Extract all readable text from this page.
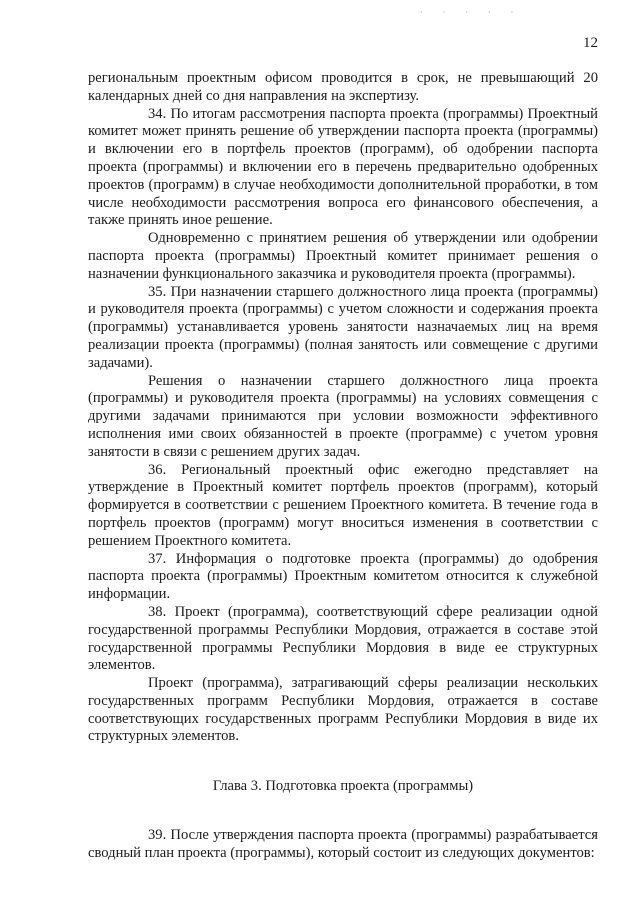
· · · · ·
12

региональным проектным офисом проводится в срок, не превышающий 20 календарных дней со дня направления на экспертизу.

34. По итогам рассмотрения паспорта проекта (программы) Проектный комитет может принять решение об утверждении паспорта проекта (программы) и включении его в портфель проектов (программ), об одобрении паспорта проекта (программы) и включении его в перечень предварительно одобренных проектов (программ) в случае необходимости дополнительной проработки, в том числе необходимости рассмотрения вопроса его финансового обеспечения, а также принять иное решение.

Одновременно с принятием решения об утверждении или одобрении паспорта проекта (программы) Проектный комитет принимает решения о назначении функционального заказчика и руководителя проекта (программы).

35. При назначении старшего должностного лица проекта (программы) и руководителя проекта (программы) с учетом сложности и содержания проекта (программы) устанавливается уровень занятости назначаемых лиц на время реализации проекта (программы) (полная занятость или совмещение с другими задачами).

Решения о назначении старшего должностного лица проекта (программы) и руководителя проекта (программы) на условиях совмещения с другими задачами принимаются при условии возможности эффективного исполнения ими своих обязанностей в проекте (программе) с учетом уровня занятости в связи с решением других задач.

36. Региональный проектный офис ежегодно представляет на утверждение в Проектный комитет портфель проектов (программ), который формируется в соответствии с решением Проектного комитета. В течение года в портфель проектов (программ) могут вноситься изменения в соответствии с решением Проектного комитета.

37. Информация о подготовке проекта (программы) до одобрения паспорта проекта (программы) Проектным комитетом относится к служебной информации.

38. Проект (программа), соответствующий сфере реализации одной государственной программы Республики Мордовия, отражается в составе этой государственной программы Республики Мордовия в виде ее структурных элементов.

Проект (программа), затрагивающий сферы реализации нескольких государственных программ Республики Мордовия, отражается в составе соответствующих государственных программ Республики Мордовия в виде их структурных элементов.

Глава 3. Подготовка проекта (программы)

39. После утверждения паспорта проекта (программы) разрабатывается сводный план проекта (программы), который состоит из следующих документов:
